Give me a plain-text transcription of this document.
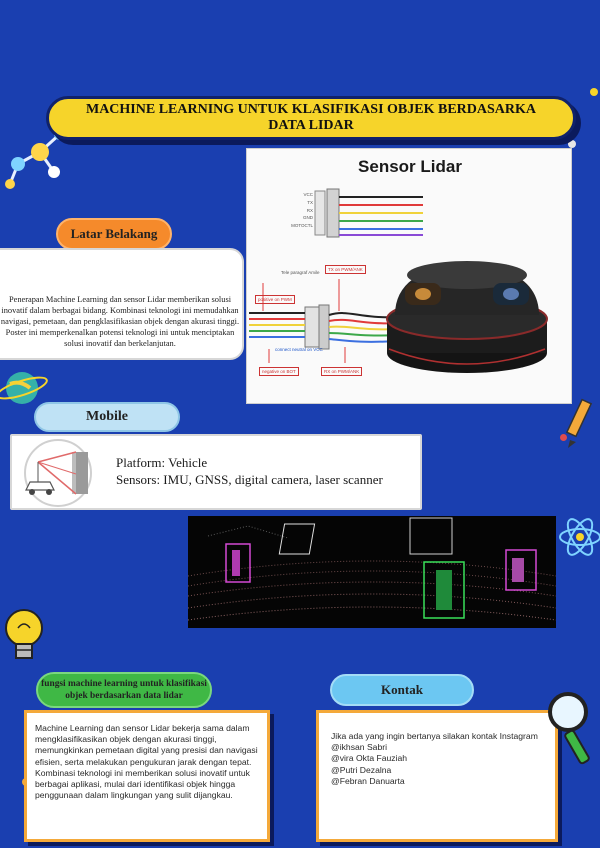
MACHINE LEARNING UNTUK KLASIFIKASI OBJEK BERDASARKA
DATA LIDAR
Latar Belakang
Penerapan Machine Learning dan sensor Lidar memberikan solusi inovatif dalam berbagai bidang. Kombinasi teknologi ini memudahkan navigasi, pemetaan, dan pengklasifikasian objek dengan akurasi tinggi. Poster ini memperkenalkan potensi teknologi ini untuk menciptakan solusi inovatif dan berkelanjutan.
Sensor Lidar
VCC
TX
RX
GND
MOTOCTL
Tele paragraf Amile
TX on PWM/ANK
positive on PWM
connect neutral on VCC
negative on BOT	RX on PWM/ANK
Mobile
Platform: Vehicle
Sensors: IMU, GNSS, digital camera, laser scanner
fungsi machine learning untuk klasifikasi
objek berdasarkan data lidar
Machine Learning dan sensor Lidar bekerja sama dalam mengklasifikasikan objek dengan akurasi tinggi, memungkinkan pemetaan digital yang presisi dan navigasi efisien, serta melakukan pengukuran jarak dengan tepat. Kombinasi teknologi ini memberikan solusi inovatif untuk berbagai aplikasi, mulai dari identifikasi objek hingga penggunaan dalam lingkungan yang sulit dijangkau.
Kontak
Jika ada yang ingin bertanya silakan kontak Instagram
@ikhsan Sabri
@vira Okta Fauziah
@Putri Dezalna
@Febran Danuarta
